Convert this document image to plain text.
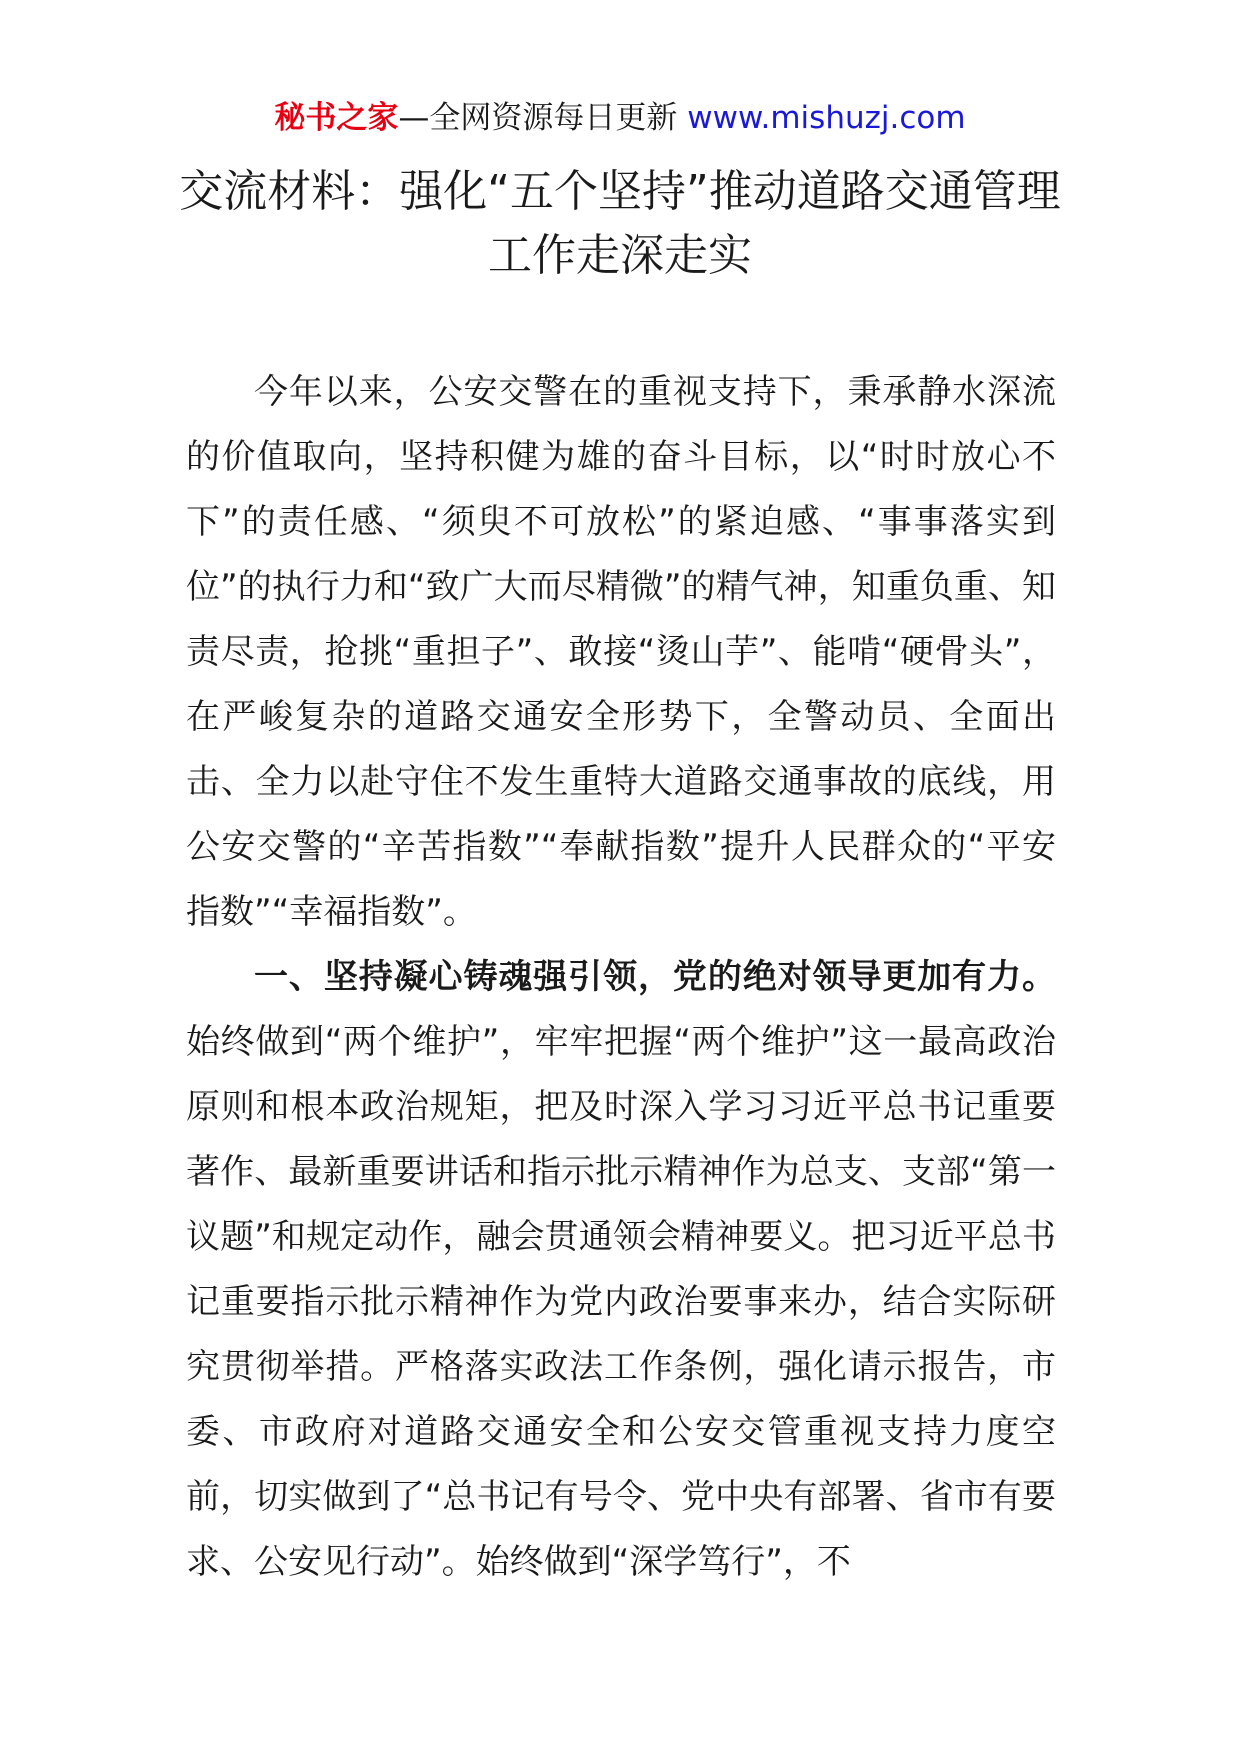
秘书之家—全网资源每日更新 www.mishuzj.com
交流材料：强化“五个坚持”推动道路交通管理工作走深走实

今年以来，公安交警在的重视支持下，秉承静水深流的价值取向，坚持积健为雄的奋斗目标，以“时时放心不下”的责任感、“须臾不可放松”的紧迫感、“事事落实到位”的执行力和“致广大而尽精微”的精气神，知重负重、知责尽责，抢挑“重担子”、敢接“烫山芋”、能啃“硬骨头”，在严峻复杂的道路交通安全形势下，全警动员、全面出击、全力以赴守住不发生重特大道路交通事故的底线，用公安交警的“辛苦指数”“奉献指数”提升人民群众的“平安指数”“幸福指数”。

一、坚持凝心铸魂强引领，党的绝对领导更加有力。始终做到“两个维护”，牢牢把握“两个维护”这一最高政治原则和根本政治规矩，把及时深入学习习近平总书记重要著作、最新重要讲话和指示批示精神作为总支、支部“第一议题”和规定动作，融会贯通领会精神要义。把习近平总书记重要指示批示精神作为党内政治要事来办，结合实际研究贯彻举措。严格落实政法工作条例，强化请示报告，市委、市政府对道路交通安全和公安交管重视支持力度空前，切实做到了“总书记有号令、党中央有部署、省市有要求、公安见行动”。始终做到“深学笃行”，不
